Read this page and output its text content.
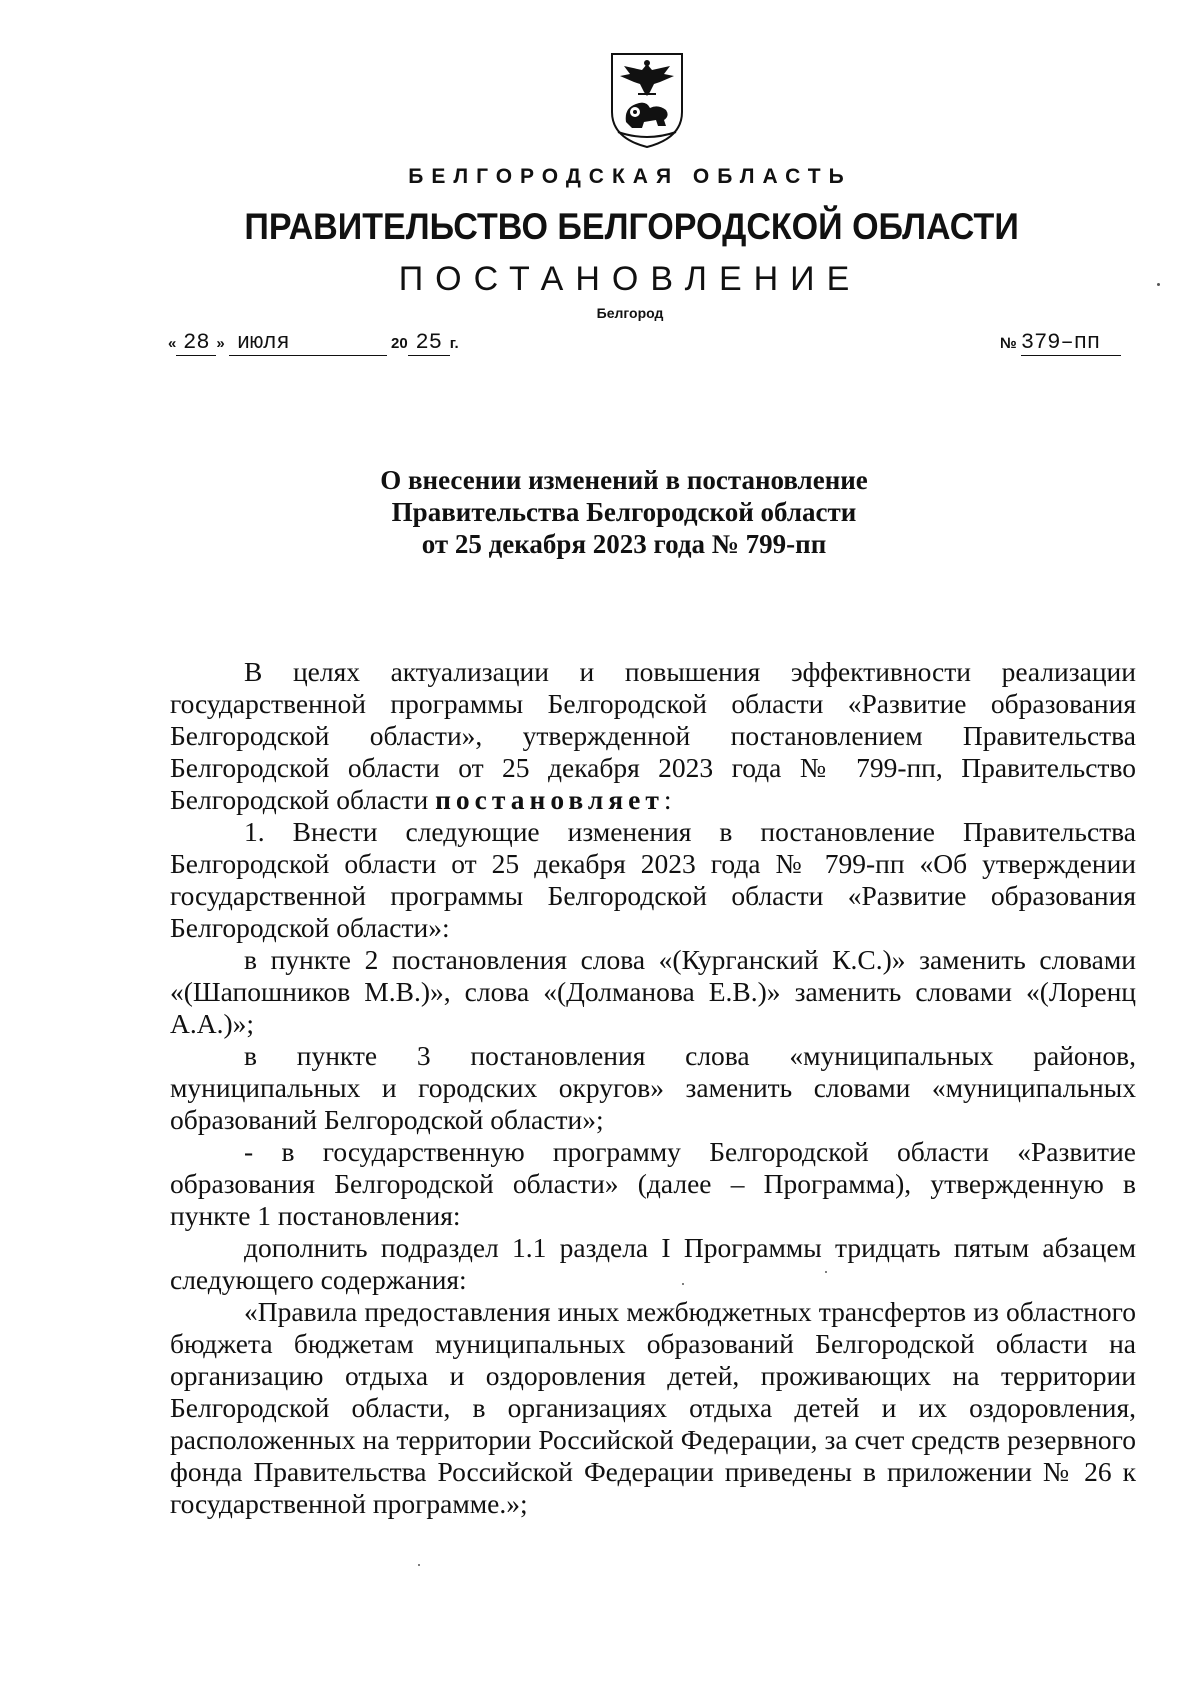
БЕЛГОРОДСКАЯ ОБЛАСТЬ
ПРАВИТЕЛЬСТВО БЕЛГОРОДСКОЙ ОБЛАСТИ
ПОСТАНОВЛЕНИЕ
Белгород
« 28 » июля	20 25 г.	№ 379–пп
О внесении изменений в постановление
Правительства Белгородской области
от 25 декабря 2023 года № 799-пп

В целях актуализации и повышения эффективности реализации государственной программы Белгородской области «Развитие образования Белгородской области», утвержденной постановлением Правительства Белгородской области от 25 декабря 2023 года № 799-пп, Правительство Белгородской области постановляет:

1. Внести следующие изменения в постановление Правительства Белгородской области от 25 декабря 2023 года № 799-пп «Об утверждении государственной программы Белгородской области «Развитие образования Белгородской области»:

в пункте 2 постановления слова «(Курганский К.С.)» заменить словами «(Шапошников М.В.)», слова «(Долманова Е.В.)» заменить словами «(Лоренц А.А.)»;

в пункте 3 постановления слова «муниципальных районов, муниципальных и городских округов» заменить словами «муниципальных образований Белгородской области»;

- в государственную программу Белгородской области «Развитие образования Белгородской области» (далее – Программа), утвержденную в пункте 1 постановления:

дополнить подраздел 1.1 раздела I Программы тридцать пятым абзацем следующего содержания:

«Правила предоставления иных межбюджетных трансфертов из областного бюджета бюджетам муниципальных образований Белгородской области на организацию отдыха и оздоровления детей, проживающих на территории Белгородской области, в организациях отдыха детей и их оздоровления, расположенных на территории Российской Федерации, за счет средств резервного фонда Правительства Российской Федерации приведены в приложении № 26 к государственной программе.»;
